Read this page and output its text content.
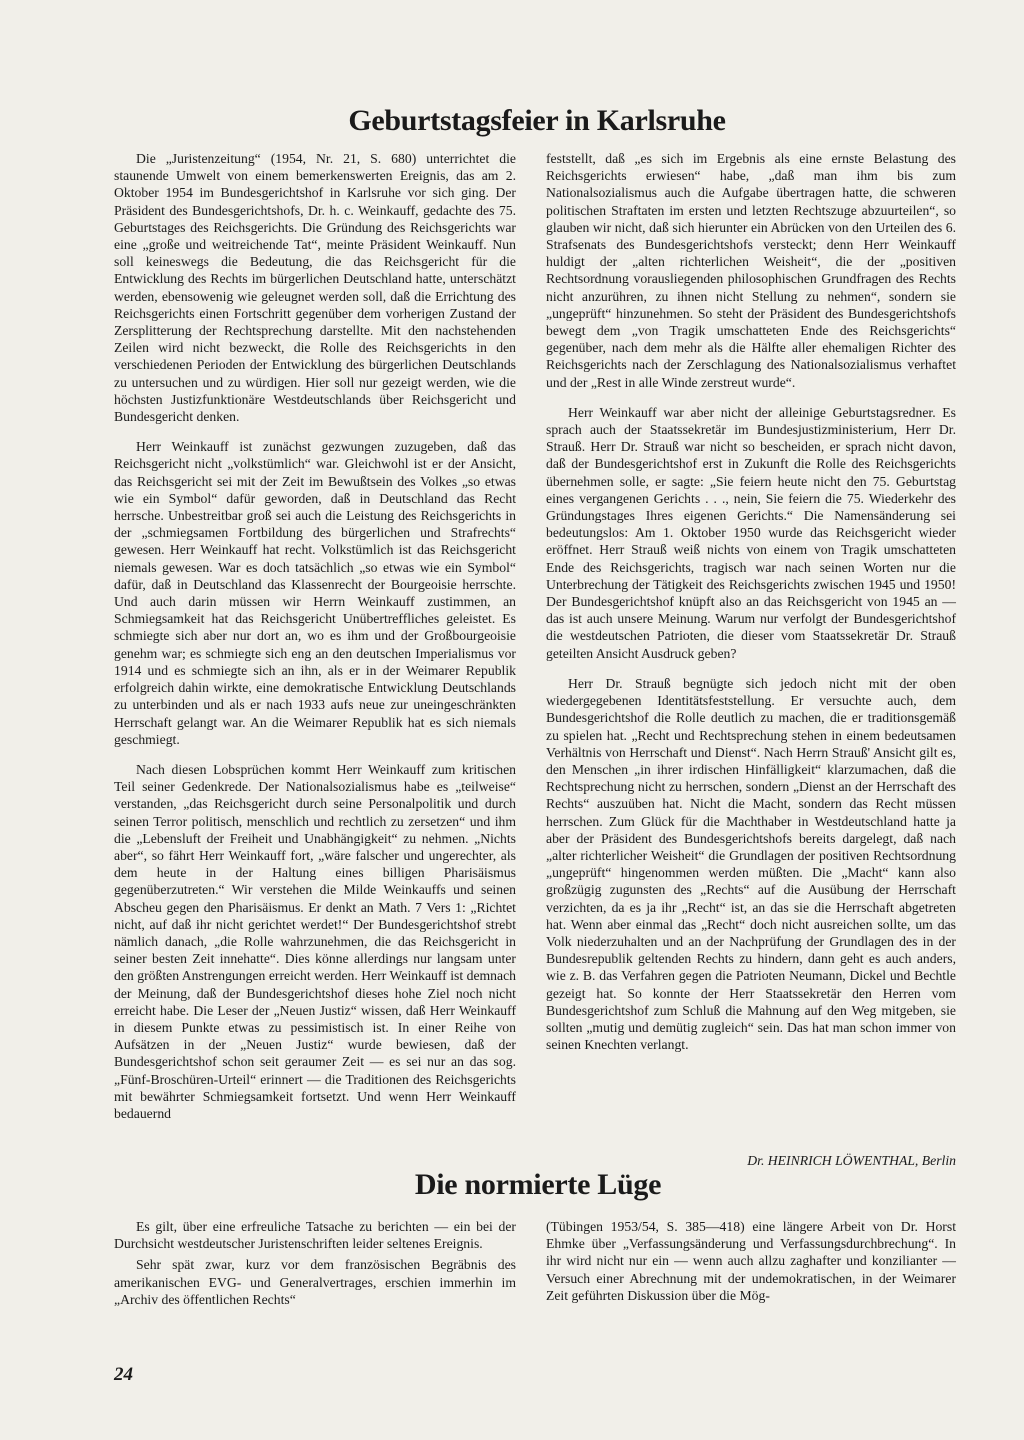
Geburtstagsfeier in Karlsruhe

Die „Juristenzeitung“ (1954, Nr. 21, S. 680) unterrichtet die staunende Umwelt von einem bemerkenswerten Ereignis, das am 2. Oktober 1954 im Bundesgerichtshof in Karlsruhe vor sich ging. Der Präsident des Bundesgerichtshofs, Dr. h. c. Weinkauff, gedachte des 75. Geburtstages des Reichsgerichts. Die Gründung des Reichsgerichts war eine „große und weitreichende Tat“, meinte Präsident Weinkauff. Nun soll keineswegs die Bedeutung, die das Reichsgericht für die Entwicklung des Rechts im bürgerlichen Deutschland hatte, unterschätzt werden, ebensowenig wie geleugnet werden soll, daß die Errichtung des Reichsgerichts einen Fortschritt gegenüber dem vorherigen Zustand der Zersplitterung der Rechtsprechung darstellte. Mit den nachstehenden Zeilen wird nicht bezweckt, die Rolle des Reichsgerichts in den verschiedenen Perioden der Entwicklung des bürgerlichen Deutschlands zu untersuchen und zu würdigen. Hier soll nur gezeigt werden, wie die höchsten Justizfunktionäre Westdeutschlands über Reichsgericht und Bundesgericht denken.

Herr Weinkauff ist zunächst gezwungen zuzugeben, daß das Reichsgericht nicht „volkstümlich“ war. Gleichwohl ist er der Ansicht, das Reichsgericht sei mit der Zeit im Bewußtsein des Volkes „so etwas wie ein Symbol“ dafür geworden, daß in Deutschland das Recht herrsche. Unbestreitbar groß sei auch die Leistung des Reichsgerichts in der „schmiegsamen Fortbildung des bürgerlichen und Strafrechts“ gewesen. Herr Weinkauff hat recht. Volkstümlich ist das Reichsgericht niemals gewesen. War es doch tatsächlich „so etwas wie ein Symbol“ dafür, daß in Deutschland das Klassenrecht der Bourgeoisie herrschte. Und auch darin müssen wir Herrn Weinkauff zustimmen, an Schmiegsamkeit hat das Reichsgericht Unübertreffliches geleistet. Es schmiegte sich aber nur dort an, wo es ihm und der Großbourgeoisie genehm war; es schmiegte sich eng an den deutschen Imperialismus vor 1914 und es schmiegte sich an ihn, als er in der Weimarer Republik erfolgreich dahin wirkte, eine demokratische Entwicklung Deutschlands zu unterbinden und als er nach 1933 aufs neue zur uneingeschränkten Herrschaft gelangt war. An die Weimarer Republik hat es sich niemals geschmiegt.

Nach diesen Lobsprüchen kommt Herr Weinkauff zum kritischen Teil seiner Gedenkrede. Der Nationalsozialismus habe es „teilweise“ verstanden, „das Reichsgericht durch seine Personalpolitik und durch seinen Terror politisch, menschlich und rechtlich zu zersetzen“ und ihm die „Lebensluft der Freiheit und Unabhängigkeit“ zu nehmen. „Nichts aber“, so fährt Herr Weinkauff fort, „wäre falscher und ungerechter, als dem heute in der Haltung eines billigen Pharisäismus gegenüberzutreten.“ Wir verstehen die Milde Weinkauffs und seinen Abscheu gegen den Pharisäismus. Er denkt an Math. 7 Vers 1: „Richtet nicht, auf daß ihr nicht gerichtet werdet!“ Der Bundesgerichtshof strebt nämlich danach, „die Rolle wahrzunehmen, die das Reichsgericht in seiner besten Zeit innehatte“. Dies könne allerdings nur langsam unter den größten Anstrengungen erreicht werden. Herr Weinkauff ist demnach der Meinung, daß der Bundesgerichtshof dieses hohe Ziel noch nicht erreicht habe. Die Leser der „Neuen Justiz“ wissen, daß Herr Weinkauff in diesem Punkte etwas zu pessimistisch ist. In einer Reihe von Aufsätzen in der „Neuen Justiz“ wurde bewiesen, daß der Bundesgerichtshof schon seit geraumer Zeit — es sei nur an das sog. „Fünf-Broschüren-Urteil“ erinnert — die Traditionen des Reichsgerichts mit bewährter Schmiegsamkeit fortsetzt. Und wenn Herr Weinkauff bedauernd

feststellt, daß „es sich im Ergebnis als eine ernste Belastung des Reichsgerichts erwiesen“ habe, „daß man ihm bis zum Nationalsozialismus auch die Aufgabe übertragen hatte, die schweren politischen Straftaten im ersten und letzten Rechtszuge abzuurteilen“, so glauben wir nicht, daß sich hierunter ein Abrücken von den Urteilen des 6. Strafsenats des Bundesgerichtshofs versteckt; denn Herr Weinkauff huldigt der „alten richterlichen Weisheit“, die der „positiven Rechtsordnung vorausliegenden philosophischen Grundfragen des Rechts nicht anzurühren, zu ihnen nicht Stellung zu nehmen“, sondern sie „ungeprüft“ hinzunehmen. So steht der Präsident des Bundesgerichtshofs bewegt dem „von Tragik umschatteten Ende des Reichsgerichts“ gegenüber, nach dem mehr als die Hälfte aller ehemaligen Richter des Reichsgerichts nach der Zerschlagung des Nationalsozialismus verhaftet und der „Rest in alle Winde zerstreut wurde“.

Herr Weinkauff war aber nicht der alleinige Geburtstagsredner. Es sprach auch der Staatssekretär im Bundesjustizministerium, Herr Dr. Strauß. Herr Dr. Strauß war nicht so bescheiden, er sprach nicht davon, daß der Bundesgerichtshof erst in Zukunft die Rolle des Reichsgerichts übernehmen solle, er sagte: „Sie feiern heute nicht den 75. Geburtstag eines vergangenen Gerichts . . ., nein, Sie feiern die 75. Wiederkehr des Gründungstages Ihres eigenen Gerichts.“ Die Namensänderung sei bedeutungslos: Am 1. Oktober 1950 wurde das Reichsgericht wieder eröffnet. Herr Strauß weiß nichts von einem von Tragik umschatteten Ende des Reichsgerichts, tragisch war nach seinen Worten nur die Unterbrechung der Tätigkeit des Reichsgerichts zwischen 1945 und 1950! Der Bundesgerichtshof knüpft also an das Reichsgericht von 1945 an — das ist auch unsere Meinung. Warum nur verfolgt der Bundesgerichtshof die westdeutschen Patrioten, die dieser vom Staatssekretär Dr. Strauß geteilten Ansicht Ausdruck geben?

Herr Dr. Strauß begnügte sich jedoch nicht mit der oben wiedergegebenen Identitätsfeststellung. Er versuchte auch, dem Bundesgerichtshof die Rolle deutlich zu machen, die er traditionsgemäß zu spielen hat. „Recht und Rechtsprechung stehen in einem bedeutsamen Verhältnis von Herrschaft und Dienst“. Nach Herrn Strauß' Ansicht gilt es, den Menschen „in ihrer irdischen Hinfälligkeit“ klarzumachen, daß die Rechtsprechung nicht zu herrschen, sondern „Dienst an der Herrschaft des Rechts“ auszuüben hat. Nicht die Macht, sondern das Recht müssen herrschen. Zum Glück für die Machthaber in Westdeutschland hatte ja aber der Präsident des Bundesgerichtshofs bereits dargelegt, daß nach „alter richterlicher Weisheit“ die Grundlagen der positiven Rechtsordnung „ungeprüft“ hingenommen werden müßten. Die „Macht“ kann also großzügig zugunsten des „Rechts“ auf die Ausübung der Herrschaft verzichten, da es ja ihr „Recht“ ist, an das sie die Herrschaft abgetreten hat. Wenn aber einmal das „Recht“ doch nicht ausreichen sollte, um das Volk niederzuhalten und an der Nachprüfung der Grundlagen des in der Bundesrepublik geltenden Rechts zu hindern, dann geht es auch anders, wie z. B. das Verfahren gegen die Patrioten Neumann, Dickel und Bechtle gezeigt hat. So konnte der Herr Staatssekretär den Herren vom Bundesgerichtshof zum Schluß die Mahnung auf den Weg mitgeben, sie sollten „mutig und demütig zugleich“ sein. Das hat man schon immer von seinen Knechten verlangt.

Dr. HEINRICH LÖWENTHAL, Berlin
Die normierte Lüge

Es gilt, über eine erfreuliche Tatsache zu berichten — ein bei der Durchsicht westdeutscher Juristenschriften leider seltenes Ereignis.

Sehr spät zwar, kurz vor dem französischen Begräbnis des amerikanischen EVG- und Generalvertrages, erschien immerhin im „Archiv des öffentlichen Rechts“

(Tübingen 1953/54, S. 385—418) eine längere Arbeit von Dr. Horst Ehmke über „Verfassungsänderung und Verfassungsdurchbrechung“. In ihr wird nicht nur ein — wenn auch allzu zaghafter und konzilianter — Versuch einer Abrechnung mit der undemokratischen, in der Weimarer Zeit geführten Diskussion über die Mög-

24
